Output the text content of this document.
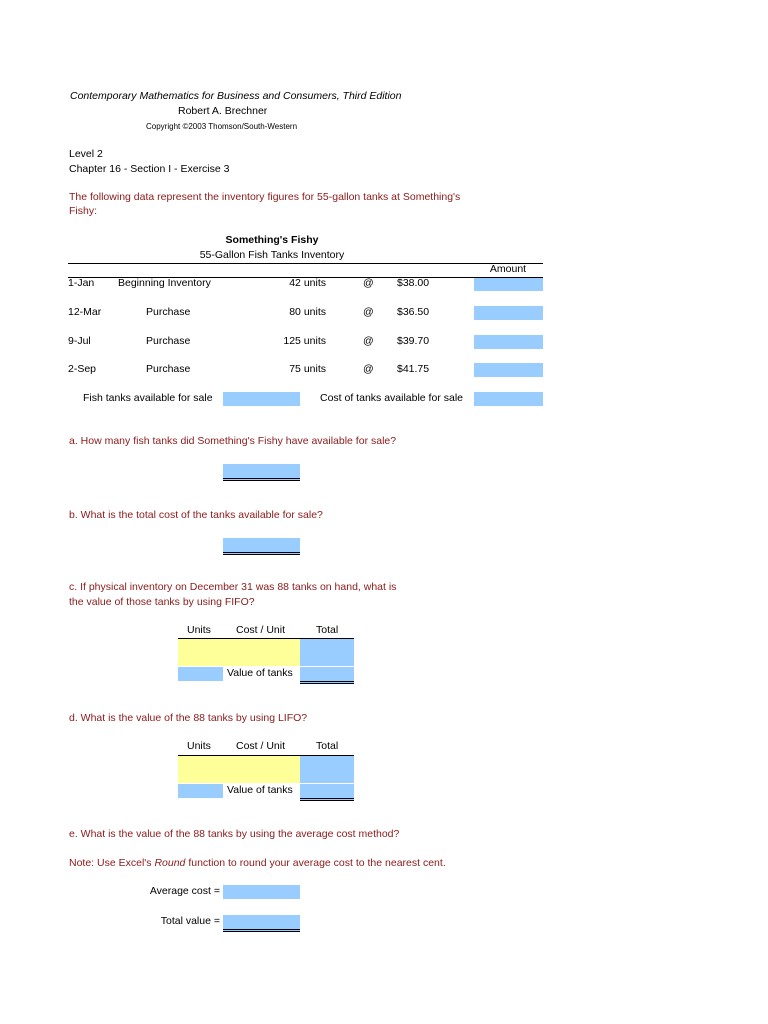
Contemporary Mathematics for Business and Consumers, Third Edition
Robert A. Brechner
Copyright ©2003 Thomson/South-Western
Level 2
Chapter 16 - Section I - Exercise 3
The following data represent the inventory figures for 55-gallon tanks at Something's
Fishy:
Something's Fishy
55-Gallon Fish Tanks Inventory
Amount
1-Jan Beginning Inventory	42 units	@ $38.00
12-Mar	Purchase	80 units	@ $36.50
9-Jul	Purchase	125 units	@ $39.70
2-Sep	Purchase	75 units	@ $41.75
Fish tanks available for sale	Cost of tanks available for sale
a. How many fish tanks did Something's Fishy have available for sale?
b. What is the total cost of the tanks available for sale?
c. If physical inventory on December 31 was 88 tanks on hand, what is
the value of those tanks by using FIFO?
Units Cost / Unit	Total
Value of tanks
d. What is the value of the 88 tanks by using LIFO?
Units Cost / Unit	Total
Value of tanks
e. What is the value of the 88 tanks by using the average cost method?
Note: Use Excel's Round function to round your average cost to the nearest cent.
Average cost =
Total value =
